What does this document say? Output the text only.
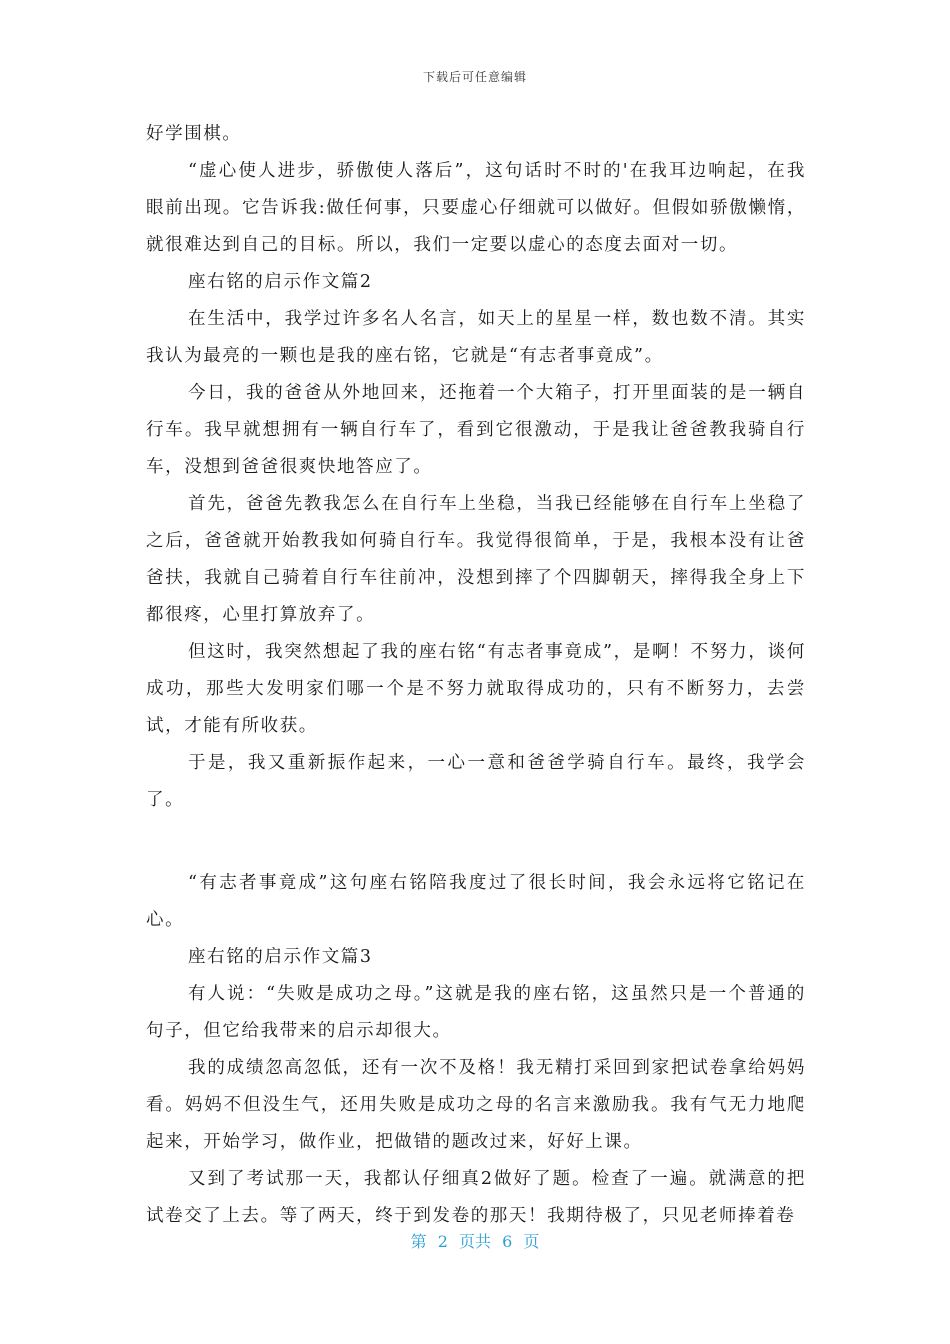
下载后可任意编辑

好学围棋。

“虚心使人进步，骄傲使人落后”，这句话时不时的'在我耳边响起，在我眼前出现。它告诉我:做任何事，只要虚心仔细就可以做好。但假如骄傲懒惰，就很难达到自己的目标。所以，我们一定要以虚心的态度去面对一切。

座右铭的启示作文篇2

在生活中，我学过许多名人名言，如天上的星星一样，数也数不清。其实我认为最亮的一颗也是我的座右铭，它就是“有志者事竟成”。

今日，我的爸爸从外地回来，还拖着一个大箱子，打开里面装的是一辆自行车。我早就想拥有一辆自行车了，看到它很激动，于是我让爸爸教我骑自行车，没想到爸爸很爽快地答应了。

首先，爸爸先教我怎么在自行车上坐稳，当我已经能够在自行车上坐稳了之后，爸爸就开始教我如何骑自行车。我觉得很简单，于是，我根本没有让爸爸扶，我就自己骑着自行车往前冲，没想到摔了个四脚朝天，摔得我全身上下都很疼，心里打算放弃了。

但这时，我突然想起了我的座右铭“有志者事竟成”，是啊！不努力，谈何成功，那些大发明家们哪一个是不努力就取得成功的，只有不断努力，去尝试，才能有所收获。

于是，我又重新振作起来，一心一意和爸爸学骑自行车。最终，我学会了。

“有志者事竟成”这句座右铭陪我度过了很长时间，我会永远将它铭记在心。

座右铭的启示作文篇3

有人说：“失败是成功之母。”这就是我的座右铭，这虽然只是一个普通的句子，但它给我带来的启示却很大。

我的成绩忽高忽低，还有一次不及格！我无精打采回到家把试卷拿给妈妈看。妈妈不但没生气，还用失败是成功之母的名言来激励我。我有气无力地爬起来，开始学习，做作业，把做错的题改过来，好好上课。

又到了考试那一天，我都认仔细真2做好了题。检查了一遍。就满意的把试卷交了上去。等了两天，终于到发卷的那天！我期待极了，只见老师捧着卷

第 2 页共 6 页
